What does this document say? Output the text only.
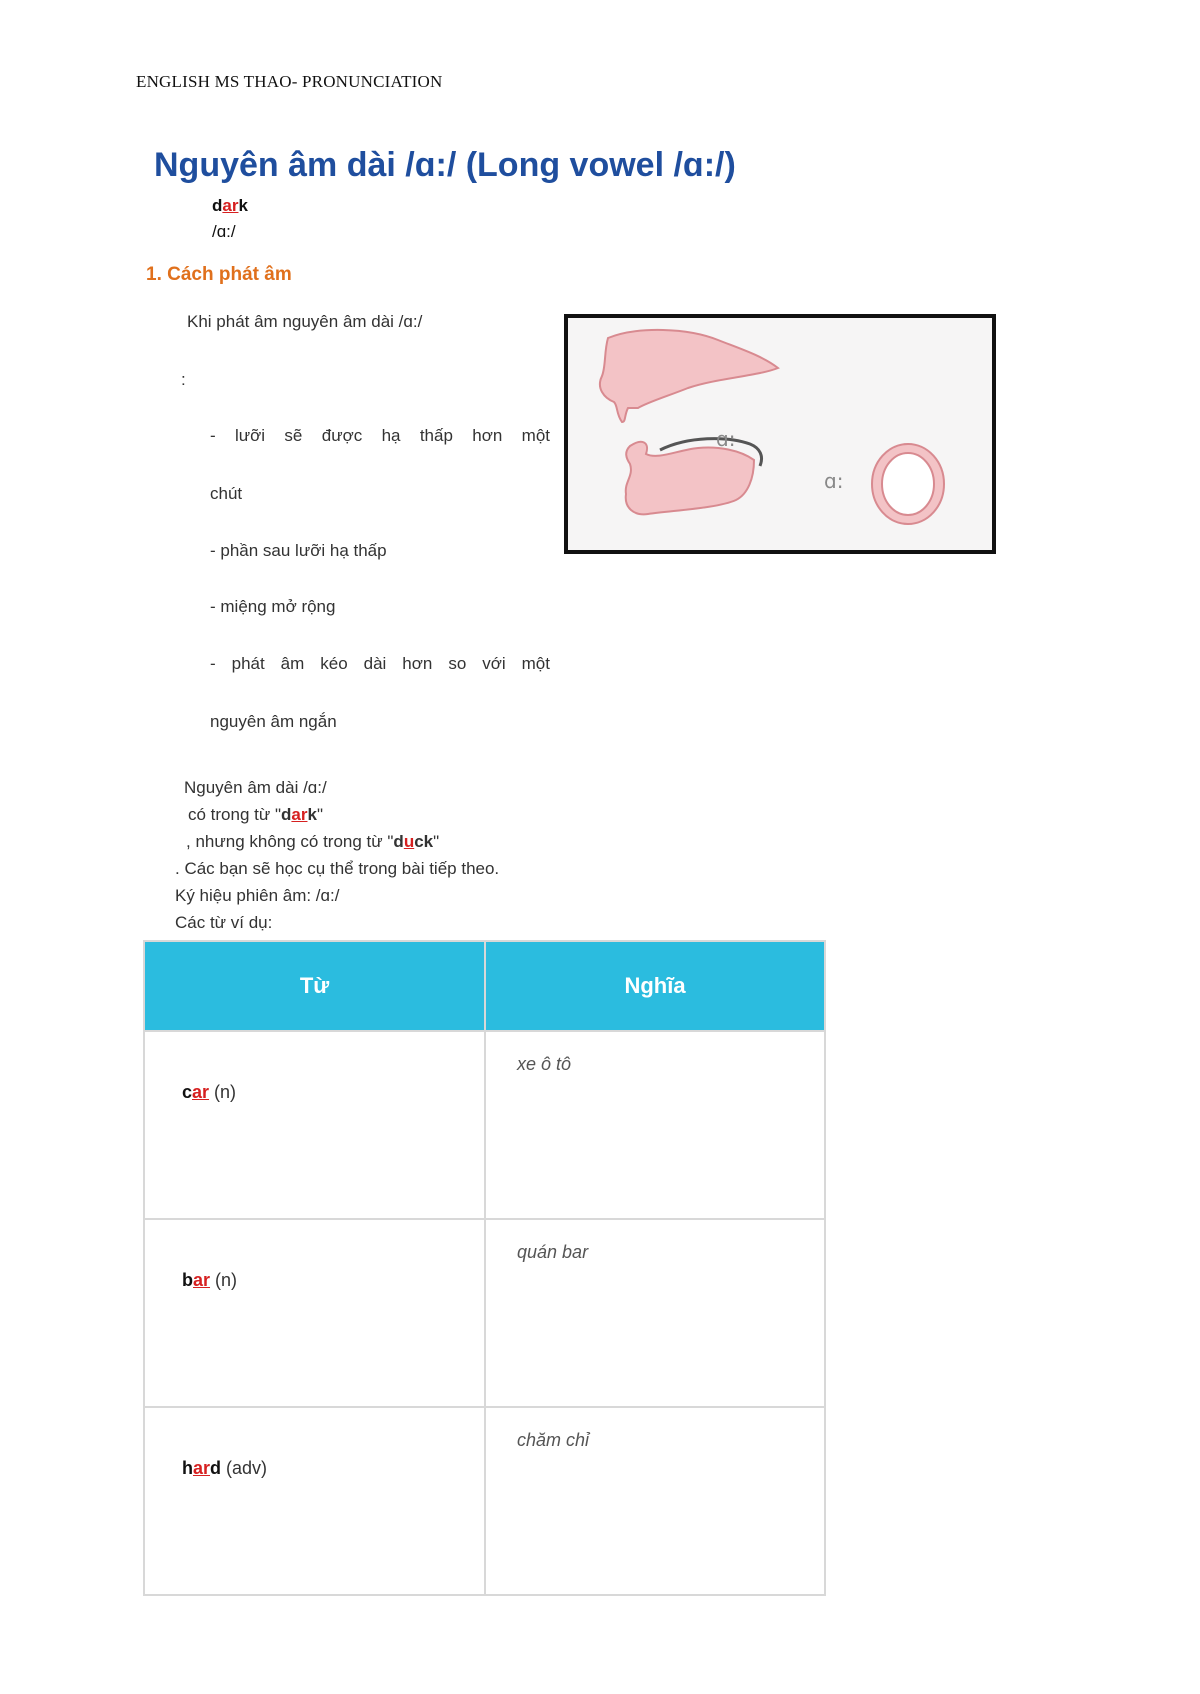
ENGLISH MS THAO- PRONUNCIATION
Nguyên âm dài /ɑ:/ (Long vowel /ɑ:/)
dark
/ɑ:/
1. Cách phát âm
Khi phát âm nguyên âm dài /ɑ:/
:
- lưỡi sẽ được hạ thấp hơn một
chút
- phần sau lưỡi hạ thấp
- miệng mở rộng
- phát âm kéo dài hơn so với một
nguyên âm ngắn
ɑ:
ɑ:
Nguyên âm dài /ɑ:/
có trong từ "dark"
, nhưng không có trong từ "duck"
. Các bạn sẽ học cụ thể trong bài tiếp theo.
Ký hiệu phiên âm: /ɑ:/
Các từ ví dụ:
Từ	Nghĩa
car (n)	xe ô tô
bar (n)	quán bar
hard (adv)	chăm chỉ
